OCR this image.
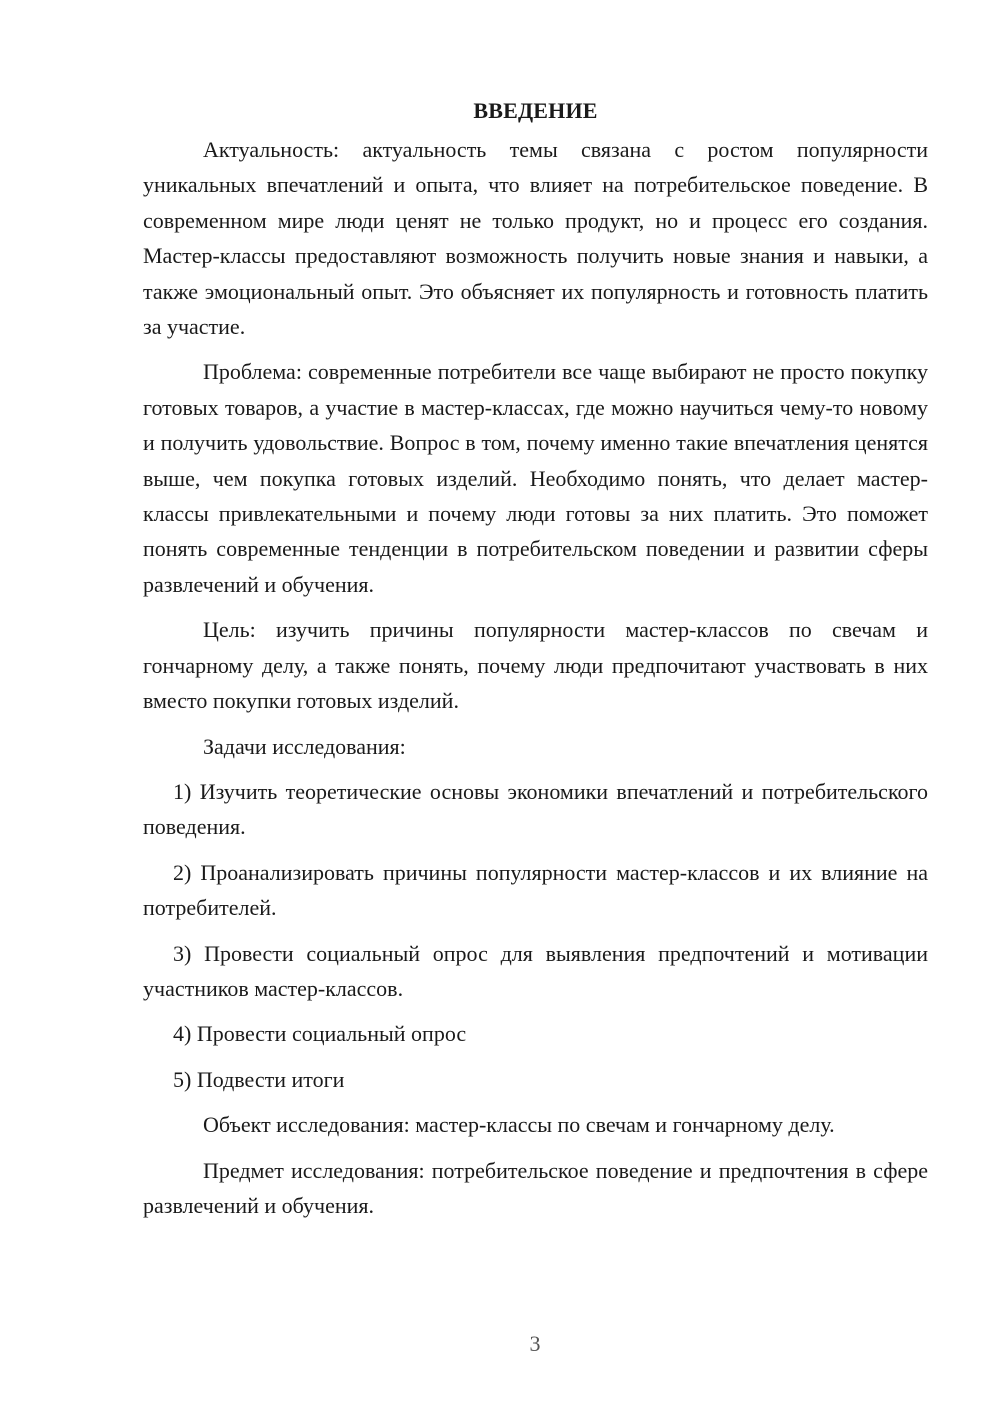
ВВЕДЕНИЕ

Актуальность: актуальность темы связана с ростом популярности уникальных впечатлений и опыта, что влияет на потребительское поведение. В современном мире люди ценят не только продукт, но и процесс его создания. Мастер-классы предоставляют возможность получить новые знания и навыки, а также эмоциональный опыт. Это объясняет их популярность и готовность платить за участие.

Проблема: современные потребители все чаще выбирают не просто покупку готовых товаров, а участие в мастер-классах, где можно научиться чему-то новому и получить удовольствие. Вопрос в том, почему именно такие впечатления ценятся выше, чем покупка готовых изделий. Необходимо понять, что делает мастер-классы привлекательными и почему люди готовы за них платить. Это поможет понять современные тенденции в потребительском поведении и развитии сферы развлечений и обучения.

Цель: изучить причины популярности мастер-классов по свечам и гончарному делу, а также понять, почему люди предпочитают участвовать в них вместо покупки готовых изделий.

Задачи исследования:

1) Изучить теоретические основы экономики впечатлений и потребительского поведения.

2) Проанализировать причины популярности мастер-классов и их влияние на потребителей.

3) Провести социальный опрос для выявления предпочтений и мотивации участников мастер-классов.

4) Провести социальный опрос

5) Подвести итоги

Объект исследования: мастер-классы по свечам и гончарному делу.

Предмет исследования: потребительское поведение и предпочтения в сфере развлечений и обучения.

3
